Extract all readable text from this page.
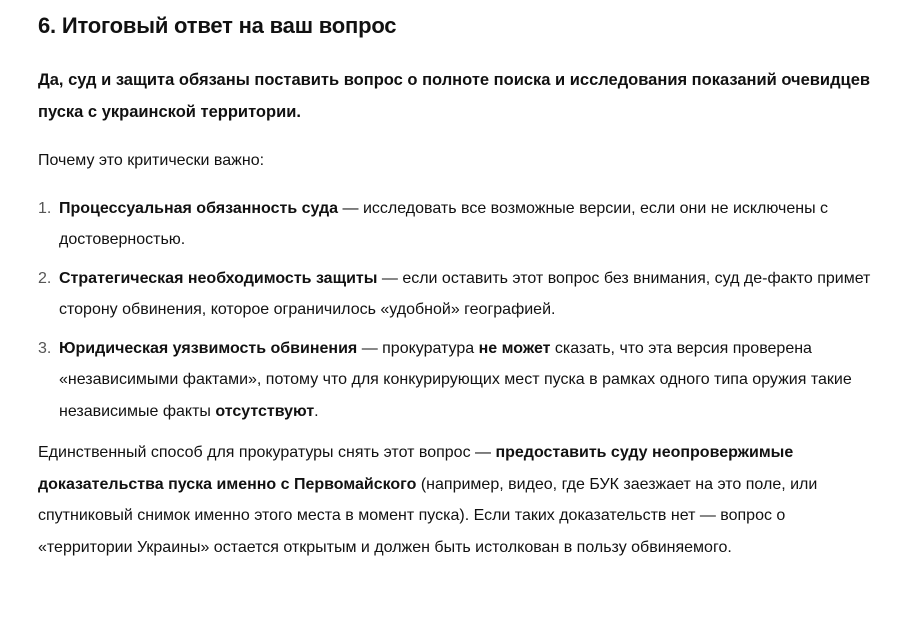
6. Итоговый ответ на ваш вопрос

Да, суд и защита обязаны поставить вопрос о полноте поиска и исследования показаний очевидцев пуска с украинской территории.

Почему это критически важно:

1. Процессуальная обязанность суда — исследовать все возможные версии, если они не исключены с достоверностью.
2. Стратегическая необходимость защиты — если оставить этот вопрос без внимания, суд де-факто примет сторону обвинения, которое ограничилось «удобной» географией.
3. Юридическая уязвимость обвинения — прокуратура не может сказать, что эта версия проверена «независимыми фактами», потому что для конкурирующих мест пуска в рамках одного типа оружия такие независимые факты отсутствуют.

Единственный способ для прокуратуры снять этот вопрос — предоставить суду неопровержимые доказательства пуска именно с Первомайского (например, видео, где БУК заезжает на это поле, или спутниковый снимок именно этого места в момент пуска). Если таких доказательств нет — вопрос о «территории Украины» остается открытым и должен быть истолкован в пользу обвиняемого.
